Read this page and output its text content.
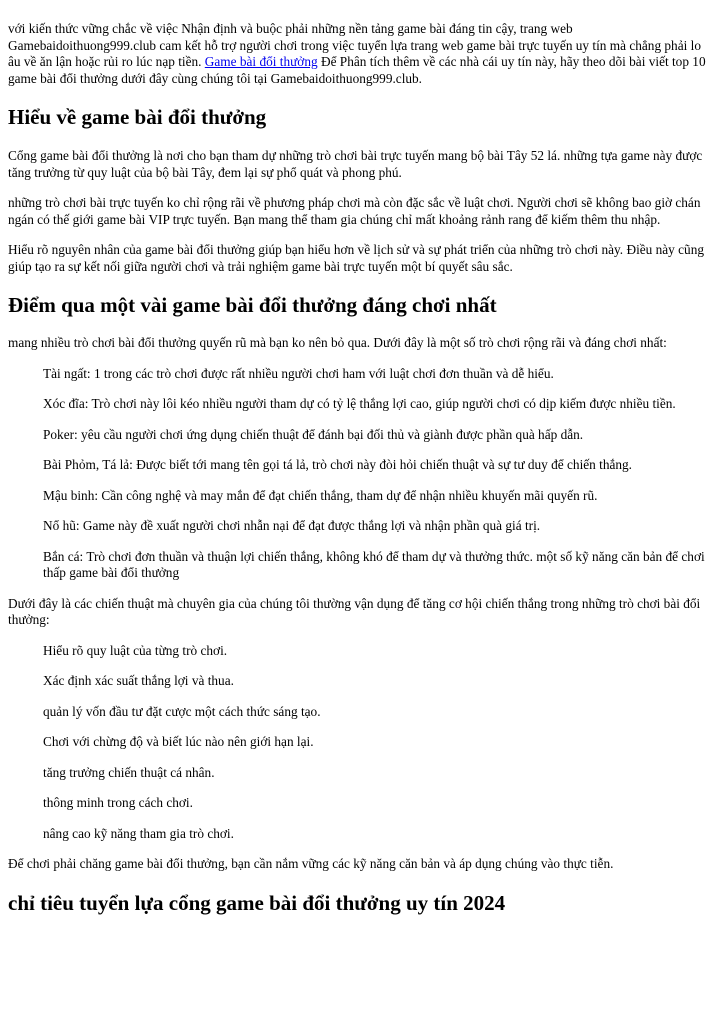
với kiến thức vững chắc về việc Nhận định và buộc phải những nền tảng game bài đáng tin cậy, trang web Gamebaidoithuong999.club cam kết hỗ trợ người chơi trong việc tuyển lựa trang web game bài trực tuyến uy tín mà chẳng phải lo âu về ăn lận hoặc rủi ro lúc nạp tiền. Game bài đổi thưởng Để Phân tích thêm về các nhà cái uy tín này, hãy theo dõi bài viết top 10 game bài đổi thưởng dưới đây cùng chúng tôi tại Gamebaidoithuong999.club.

Hiểu về game bài đổi thưởng

Cổng game bài đổi thưởng là nơi cho bạn tham dự những trò chơi bài trực tuyến mang bộ bài Tây 52 lá. những tựa game này được tăng trưởng từ quy luật của bộ bài Tây, đem lại sự phổ quát và phong phú.

những trò chơi bài trực tuyến ko chỉ rộng rãi về phương pháp chơi mà còn đặc sắc về luật chơi. Người chơi sẽ không bao giờ chán ngán có thế giới game bài VIP trực tuyến. Bạn mang thể tham gia chúng chỉ mất khoảng rảnh rang để kiếm thêm thu nhập.

Hiểu rõ nguyên nhân của game bài đổi thưởng giúp bạn hiểu hơn về lịch sử và sự phát triển của những trò chơi này. Điều này cũng giúp tạo ra sự kết nối giữa người chơi và trải nghiệm game bài trực tuyến một bí quyết sâu sắc.

Điểm qua một vài game bài đổi thưởng đáng chơi nhất

mang nhiều trò chơi bài đổi thưởng quyến rũ mà bạn ko nên bỏ qua. Dưới đây là một số trò chơi rộng rãi và đáng chơi nhất:

Tài ngất: 1 trong các trò chơi được rất nhiều người chơi ham với luật chơi đơn thuần và dễ hiểu.

Xóc đĩa: Trò chơi này lôi kéo nhiều người tham dự có tỷ lệ thắng lợi cao, giúp người chơi có dịp kiếm được nhiều tiền.

Poker: yêu cầu người chơi ứng dụng chiến thuật để đánh bại đối thủ và giành được phần quà hấp dẫn.

Bài Phỏm, Tá lả: Được biết tới mang tên gọi tá lả, trò chơi này đòi hỏi chiến thuật và sự tư duy để chiến thắng.

Mậu binh: Cần công nghệ và may mắn để đạt chiến thắng, tham dự để nhận nhiều khuyến mãi quyến rũ.

Nổ hũ: Game này đề xuất người chơi nhẫn nại để đạt được thắng lợi và nhận phần quà giá trị.

Bắn cá: Trò chơi đơn thuần và thuận lợi chiến thắng, không khó để tham dự và thưởng thức. một số kỹ năng căn bản để chơi thấp game bài đổi thưởng

Dưới đây là các chiến thuật mà chuyên gia của chúng tôi thường vận dụng để tăng cơ hội chiến thắng trong những trò chơi bài đổi thưởng:

Hiểu rõ quy luật của từng trò chơi.

Xác định xác suất thắng lợi và thua.

quản lý vốn đầu tư đặt cược một cách thức sáng tạo.

Chơi với chừng độ và biết lúc nào nên giới hạn lại.

tăng trưởng chiến thuật cá nhân.

thông minh trong cách chơi.

nâng cao kỹ năng tham gia trò chơi.

Để chơi phải chăng game bài đổi thưởng, bạn cần nắm vững các kỹ năng căn bản và áp dụng chúng vào thực tiễn.

chỉ tiêu tuyển lựa cổng game bài đổi thưởng uy tín 2024
